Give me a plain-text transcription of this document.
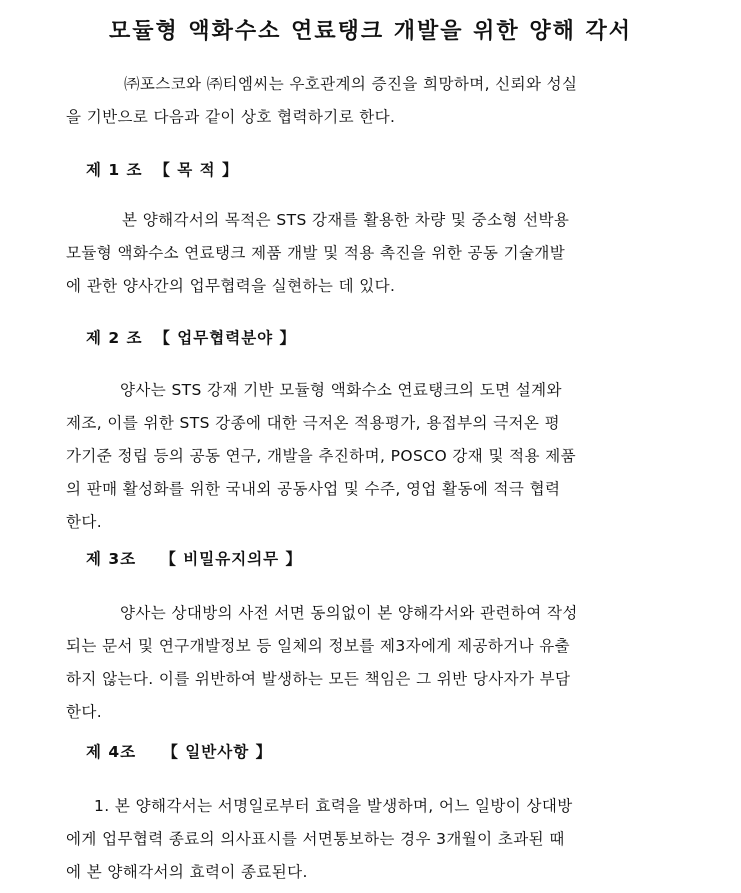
모듈형 액화수소 연료탱크 개발을 위한 양해 각서
㈜포스코와 ㈜티엠씨는 우호관계의 증진을 희망하며, 신뢰와 성실
을 기반으로 다음과 같이 상호 협력하기로 한다.
제 1 조 【 목 적 】
본 양해각서의 목적은 STS 강재를 활용한 차량 및 중소형 선박용
모듈형 액화수소 연료탱크 제품 개발 및 적용 촉진을 위한 공동 기술개발
에 관한 양사간의 업무협력을 실현하는 데 있다.
제 2 조 【 업무협력분야 】
양사는 STS 강재 기반 모듈형 액화수소 연료탱크의 도면 설계와
제조, 이를 위한 STS 강종에 대한 극저온 적용평가, 용접부의 극저온 평
가기준 정립 등의 공동 연구, 개발을 추진하며, POSCO 강재 및 적용 제품
의 판매 활성화를 위한 국내외 공동사업 및 수주, 영업 활동에 적극 협력
한다.
제 3조 【 비밀유지의무 】
양사는 상대방의 사전 서면 동의없이 본 양해각서와 관련하여 작성
되는 문서 및 연구개발정보 등 일체의 정보를 제3자에게 제공하거나 유출
하지 않는다. 이를 위반하여 발생하는 모든 책임은 그 위반 당사자가 부담
한다.
제 4조 【 일반사항 】
1. 본 양해각서는 서명일로부터 효력을 발생하며, 어느 일방이 상대방
에게 업무협력 종료의 의사표시를 서면통보하는 경우 3개월이 초과된 때
에 본 양해각서의 효력이 종료된다.
